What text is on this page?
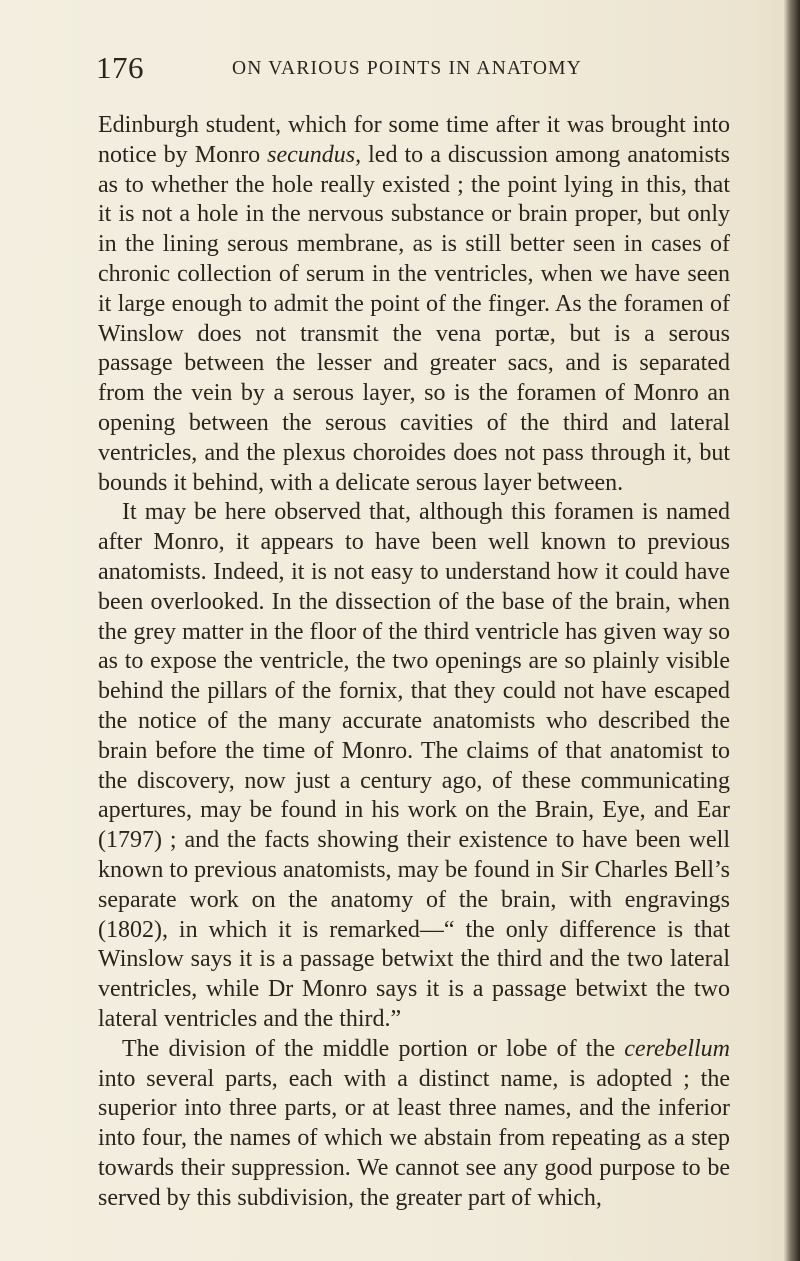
176	ON VARIOUS POINTS IN ANATOMY

Edinburgh student, which for some time after it was brought into notice by Monro secundus, led to a discussion among anatomists as to whether the hole really existed ; the point lying in this, that it is not a hole in the nervous substance or brain proper, but only in the lining serous membrane, as is still better seen in cases of chronic collection of serum in the ventricles, when we have seen it large enough to admit the point of the finger. As the foramen of Winslow does not transmit the vena portæ, but is a serous passage between the lesser and greater sacs, and is separated from the vein by a serous layer, so is the foramen of Monro an opening between the serous cavities of the third and lateral ventricles, and the plexus choroides does not pass through it, but bounds it behind, with a delicate serous layer between.

It may be here observed that, although this foramen is named after Monro, it appears to have been well known to previous anatomists. Indeed, it is not easy to understand how it could have been overlooked. In the dissection of the base of the brain, when the grey matter in the floor of the third ventricle has given way so as to expose the ventricle, the two openings are so plainly visible behind the pillars of the fornix, that they could not have escaped the notice of the many accurate anatomists who described the brain before the time of Monro. The claims of that anatomist to the discovery, now just a century ago, of these communicating apertures, may be found in his work on the Brain, Eye, and Ear (1797) ; and the facts showing their existence to have been well known to previous anatomists, may be found in Sir Charles Bell’s separate work on the anatomy of the brain, with engravings (1802), in which it is remarked—“ the only difference is that Winslow says it is a passage betwixt the third and the two lateral ventricles, while Dr Monro says it is a passage betwixt the two lateral ventricles and the third.”

The division of the middle portion or lobe of the cerebellum into several parts, each with a distinct name, is adopted ; the superior into three parts, or at least three names, and the inferior into four, the names of which we abstain from repeating as a step towards their suppression. We cannot see any good purpose to be served by this subdivision, the greater part of which,
